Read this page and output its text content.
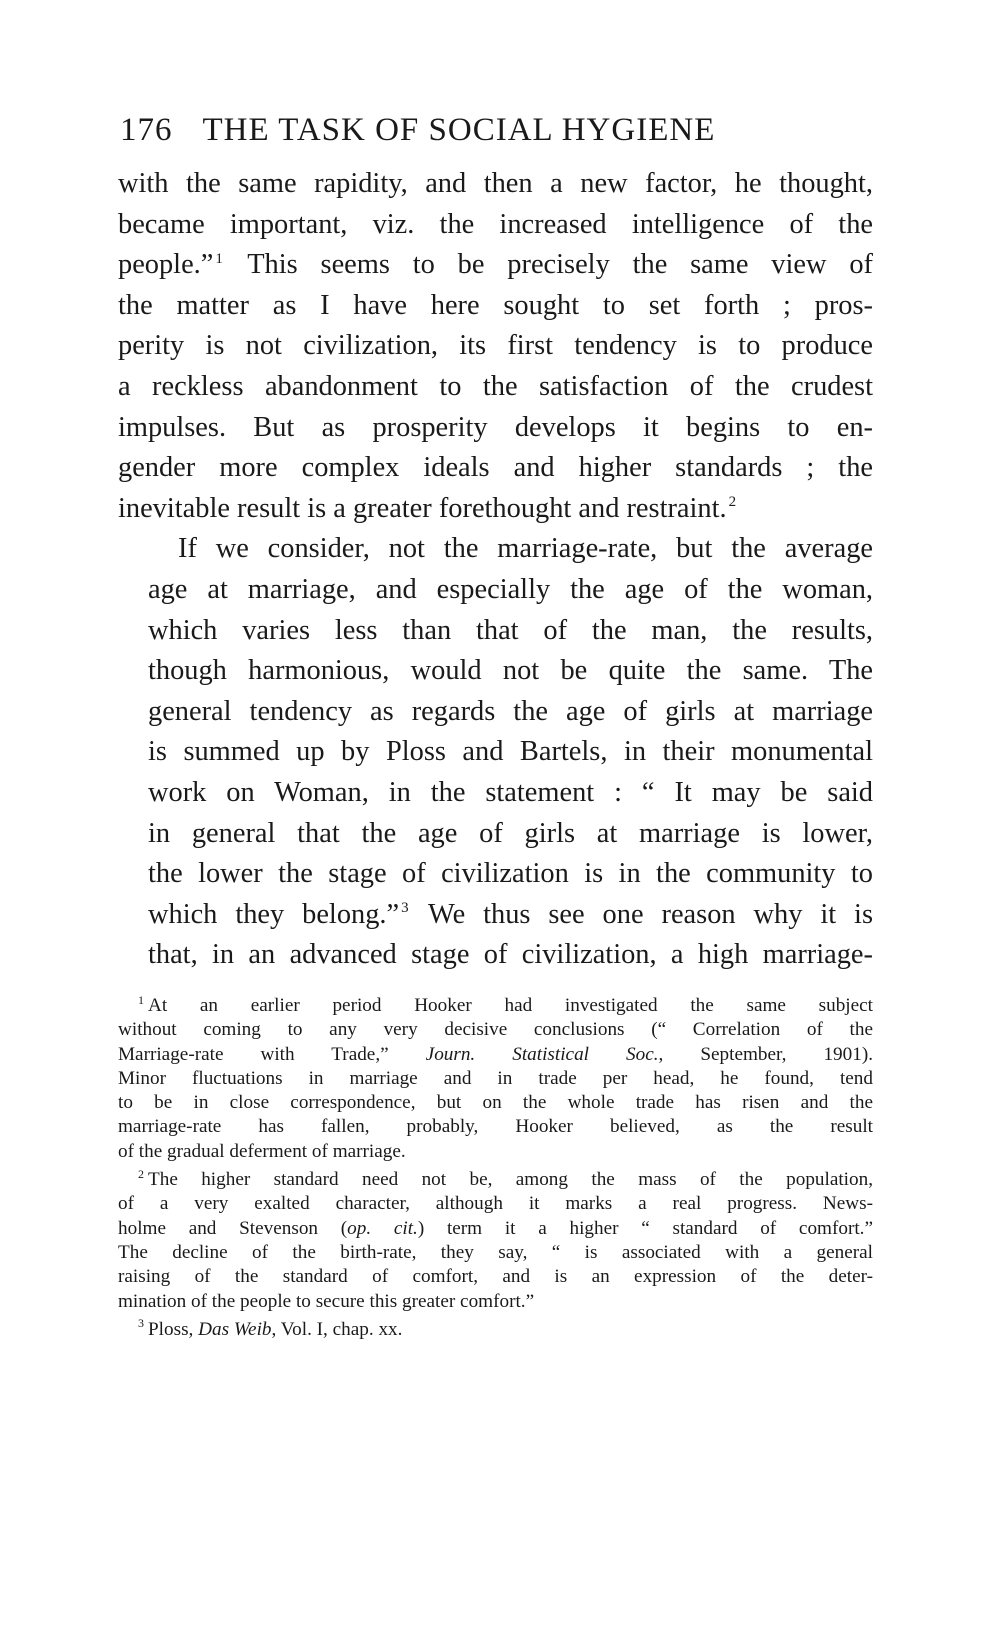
176 THE TASK OF SOCIAL HYGIENE

with the same rapidity, and then a new factor, he thought,
became important, viz. the increased intelligence of the
people.” $^1$ This seems to be precisely the same view of
the matter as I have here sought to set forth ; pros-
perity is not civilization, its first tendency is to produce
a reckless abandonment to the satisfaction of the crudest
impulses. But as prosperity develops it begins to en-
gender more complex ideals and higher standards ; the
inevitable result is a greater forethought and restraint. $^2$

If we consider, not the marriage-rate, but the average
age at marriage, and especially the age of the woman,
which varies less than that of the man, the results,
though harmonious, would not be quite the same. The
general tendency as regards the age of girls at marriage
is summed up by Ploss and Bartels, in their monumental
work on Woman, in the statement : “ It may be said
in general that the age of girls at marriage is lower,
the lower the stage of civilization is in the community to
which they belong.” $^3$ We thus see one reason why it is
that, in an advanced stage of civilization, a high marriage-

$^1$ At an earlier period Hooker had investigated the same subject
without coming to any very decisive conclusions (“ Correlation of the
Marriage-rate with Trade,” Journ. Statistical Soc., September, 1901).
Minor fluctuations in marriage and in trade per head, he found, tend
to be in close correspondence, but on the whole trade has risen and the
marriage-rate has fallen, probably, Hooker believed, as the result
of the gradual deferment of marriage.

$^2$ The higher standard need not be, among the mass of the population,
of a very exalted character, although it marks a real progress. News-
holme and Stevenson (op. cit.) term it a higher “ standard of comfort.”
The decline of the birth-rate, they say, “ is associated with a general
raising of the standard of comfort, and is an expression of the deter-
mination of the people to secure this greater comfort.”

$^3$ Ploss, Das Weib, Vol. I, chap. xx.
